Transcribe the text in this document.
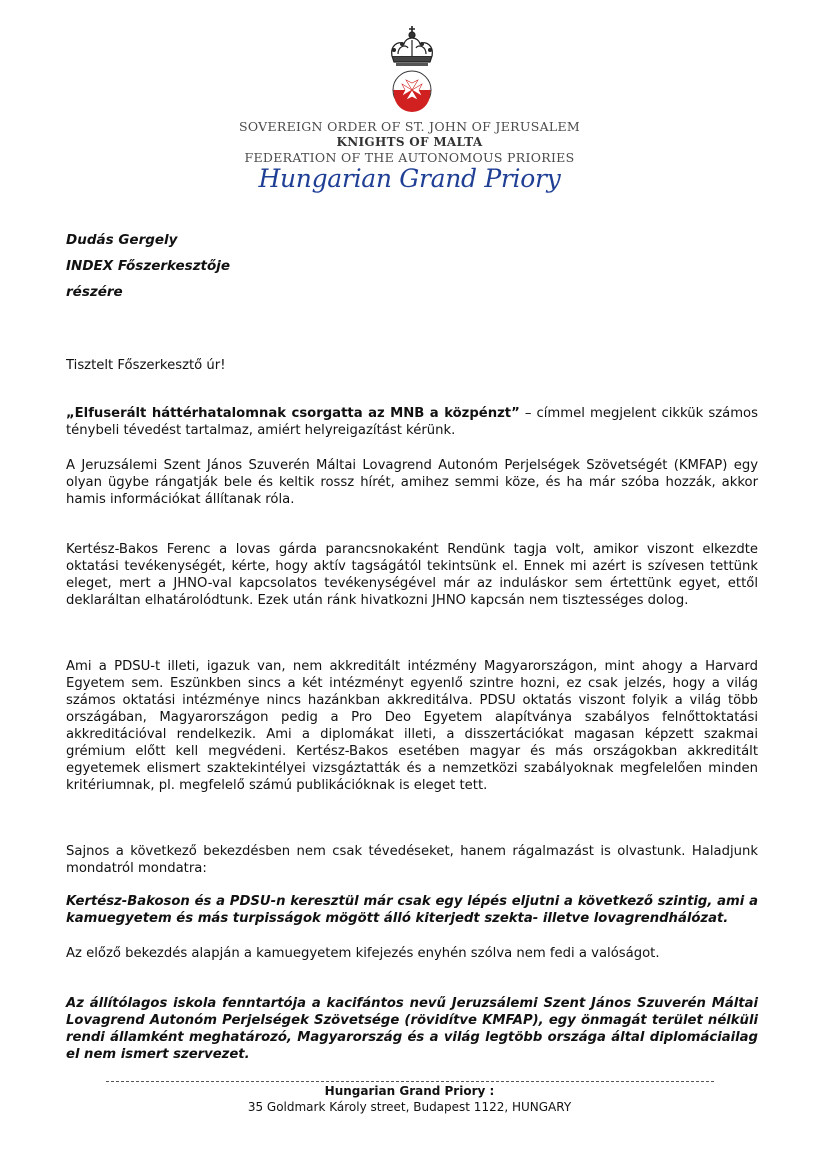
SOVEREIGN ORDER OF ST. JOHN OF JERUSALEM
KNIGHTS OF MALTA
FEDERATION OF THE AUTONOMOUS PRIORIES
Hungarian Grand Priory
Dudás Gergely
INDEX Főszerkesztője
részére

Tisztelt Főszerkesztő úr!

„Elfuserált háttérhatalomnak csorgatta az MNB a közpénzt” – címmel megjelent cikkük számos ténybeli tévedést tartalmaz, amiért helyreigazítást kérünk.

A Jeruzsálemi Szent János Szuverén Máltai Lovagrend Autonóm Perjelségek Szövetségét (KMFAP) egy olyan ügybe rángatják bele és keltik rossz hírét, amihez semmi köze, és ha már szóba hozzák, akkor hamis információkat állítanak róla.

Kertész-Bakos Ferenc a lovas gárda parancsnokaként Rendünk tagja volt, amikor viszont elkezdte oktatási tevékenységét, kérte, hogy aktív tagságától tekintsünk el. Ennek mi azért is szívesen tettünk eleget, mert a JHNO-val kapcsolatos tevékenységével már az induláskor sem értettünk egyet, ettől deklaráltan elhatárolódtunk. Ezek után ránk hivatkozni JHNO kapcsán nem tisztességes dolog.

Ami a PDSU-t illeti, igazuk van, nem akkreditált intézmény Magyarországon, mint ahogy a Harvard Egyetem sem. Eszünkben sincs a két intézményt egyenlő szintre hozni, ez csak jelzés, hogy a világ számos oktatási intézménye nincs hazánkban akkreditálva. PDSU oktatás viszont folyik a világ több országában, Magyarországon pedig a Pro Deo Egyetem alapítványa szabályos felnőttoktatási akkreditációval rendelkezik. Ami a diplomákat illeti, a disszertációkat magasan képzett szakmai grémium előtt kell megvédeni. Kertész-Bakos esetében magyar és más országokban akkreditált egyetemek elismert szaktekintélyei vizsgáztatták és a nemzetközi szabályoknak megfelelően minden kritériumnak, pl. megfelelő számú publikációknak is eleget tett.

Sajnos a következő bekezdésben nem csak tévedéseket, hanem rágalmazást is olvastunk. Haladjunk mondatról mondatra:

Kertész-Bakoson és a PDSU-n keresztül már csak egy lépés eljutni a következő szintig, ami a kamuegyetem és más turpisságok mögött álló kiterjedt szekta- illetve lovagrendhálózat.

Az előző bekezdés alapján a kamuegyetem kifejezés enyhén szólva nem fedi a valóságot.

Az állítólagos iskola fenntartója a kacifántos nevű Jeruzsálemi Szent János Szuverén Máltai Lovagrend Autonóm Perjelségek Szövetsége (rövidítve KMFAP), egy önmagát terület nélküli rendi államként meghatározó, Magyarország és a világ legtöbb országa által diplomáciailag el nem ismert szervezet.

Hungarian Grand Priory :
35 Goldmark Károly street, Budapest 1122, HUNGARY
